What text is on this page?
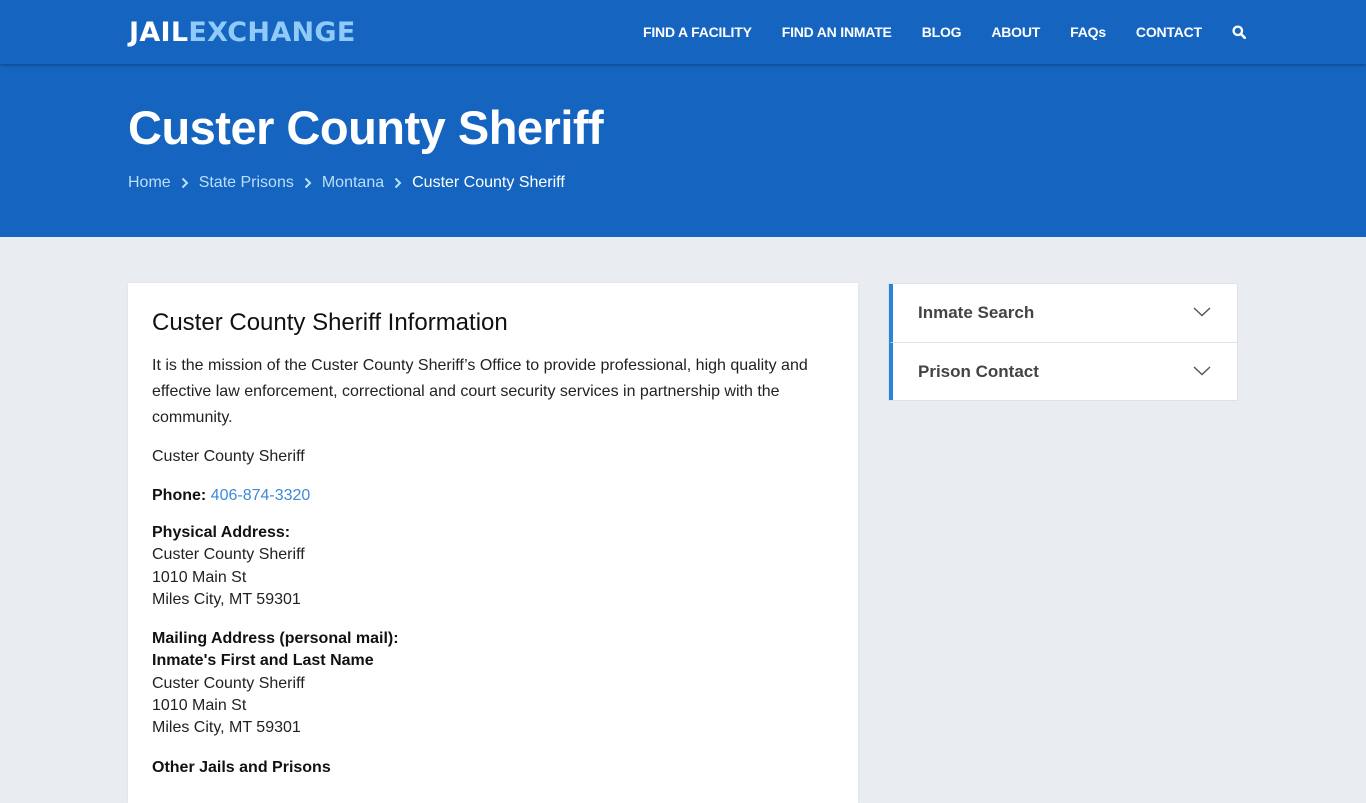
JAILEXCHANGE	FIND A FACILITY FIND AN INMATE BLOG ABOUT FAQs CONTACT
Custer County Sheriff
Home State Prisons Montana Custer County Sheriff
Custer County Sheriff Information

It is the mission of the Custer County Sheriff’s Office to provide professional, high quality and effective law enforcement, correctional and court security services in partnership with the community.

Custer County Sheriff

Phone: 406-874-3320

Physical Address:
Custer County Sheriff
1010 Main St
Miles City, MT 59301
Mailing Address (personal mail):
Inmate's First and Last Name
Custer County Sheriff
1010 Main St
Miles City, MT 59301
Other Jails and Prisons
Inmate Search
Prison Contact
